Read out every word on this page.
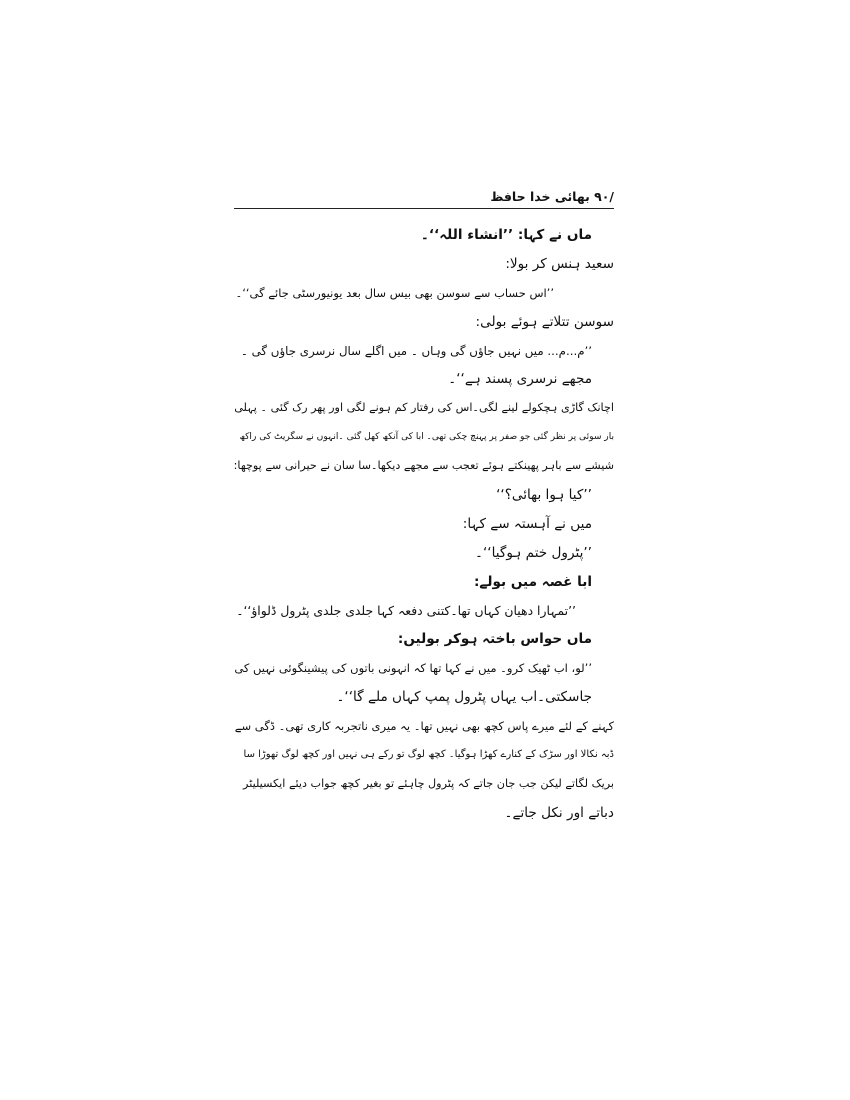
/۹۰ بھائی خدا حافظ
ماں نے کہا: ’’انشاء اللہ‘‘۔
سعید ہنس کر بولا:
’’اس حساب سے سوسن بھی بیس سال بعد یونیورسٹی جائے گی‘‘۔
سوسن تتلاتے ہوئے بولی:
’’م...م... میں نہیں جاؤں گی وہاں ۔ میں اگلے سال نرسری جاؤں گی ۔
مجھے نرسری پسند ہے‘‘۔
اچانک گاڑی ہچکولے لینے لگی۔اس کی رفتار کم ہونے لگی اور پھر رک گئی ۔ پہلی
بار سوئی پر نظر گئی جو صفر پر پہنچ چکی تھی۔ ابا کی آنکھ کھل گئی ۔انہوں نے سگریٹ کی راکھ
شیشے سے باہر پھینکتے ہوئے تعجب سے مجھے دیکھا۔سا سان نے حیرانی سے پوچھا:
’’کیا ہوا بھائی؟‘‘
میں نے آہستہ سے کہا:
’’پٹرول ختم ہوگیا‘‘۔
ابا غصہ میں بولے:
’’تمہارا دھیان کہاں تھا۔کتنی دفعہ کہا جلدی جلدی پٹرول ڈلواؤ‘‘۔
ماں حواس باختہ ہوکر بولیں:
’’لو، اب ٹھیک کرو۔ میں نے کہا تھا کہ انہونی باتوں کی پیشینگوئی نہیں کی
جاسکتی۔اب یہاں پٹرول پمپ کہاں ملے گا‘‘۔
کہنے کے لئے میرے پاس کچھ بھی نہیں تھا۔ یہ میری ناتجربہ کاری تھی۔ ڈگی سے
ڈبہ نکالا اور سڑک کے کنارے کھڑا ہوگیا۔ کچھ لوگ تو رکے ہی نہیں اور کچھ لوگ تھوڑا سا
بریک لگاتے لیکن جب جان جاتے کہ پٹرول چاہئے تو بغیر کچھ جواب دیئے ایکسیلیٹر
دباتے اور نکل جاتے۔
